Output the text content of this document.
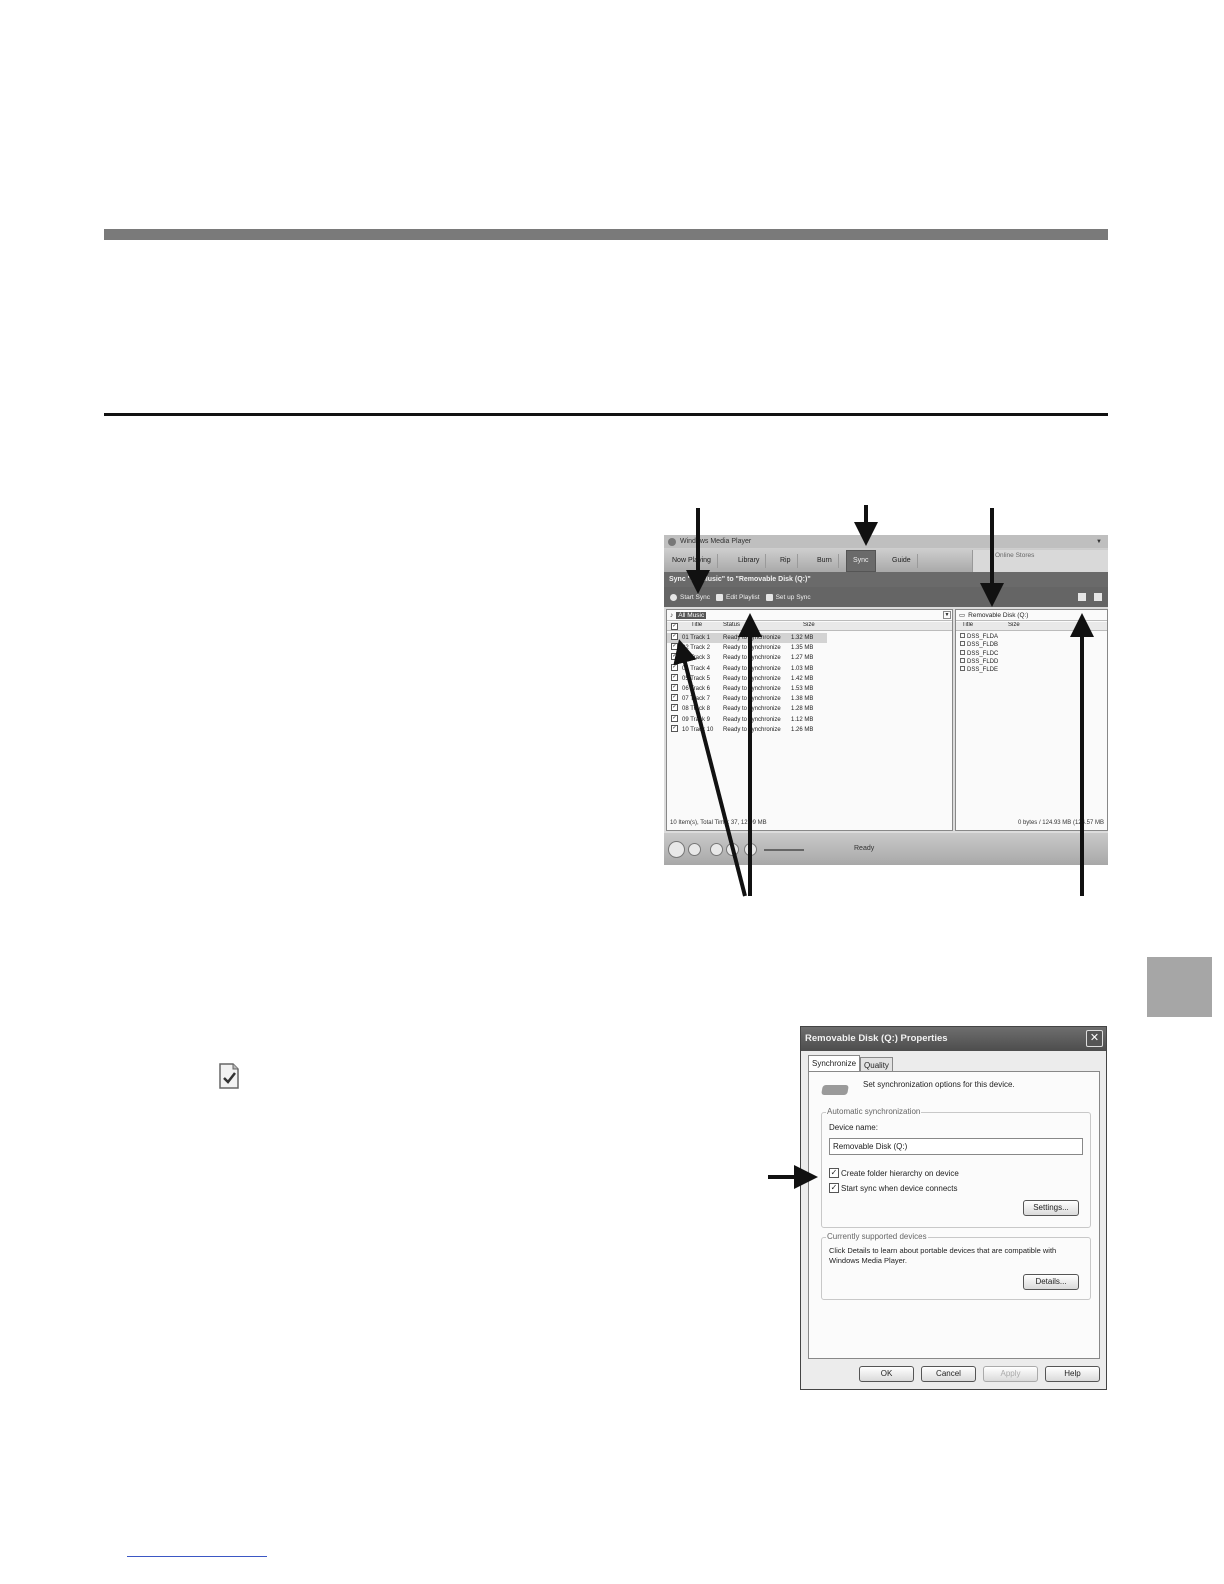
Windows Media Player	▼
Now Playing	Library	Rip	Burn	Sync	Guide
Online Stores
Sync "All Music" to "Removable Disk (Q:)"
Start Sync Edit Playlist Set up Sync
♪ All Music	▼
✓ Title	Status	Size
✓ 01 Track 1	Ready to synchronize	1.32 MB
✓ 02 Track 2	Ready to synchronize	1.35 MB
✓ 03 Track 3	Ready to synchronize	1.27 MB
✓ 04 Track 4	Ready to synchronize	1.03 MB
✓ 05 Track 5	Ready to synchronize	1.42 MB
✓ 06 Track 6	Ready to synchronize	1.53 MB
✓ 07 Track 7	Ready to synchronize	1.38 MB
✓ 08 Track 8	Ready to synchronize	1.28 MB
✓ 09 Track 9	Ready to synchronize	1.12 MB
✓ 10 Track 10	Ready to synchronize	1.26 MB
10 Item(s), Total Time: 37, 12.99 MB
▭ Removable Disk (Q:)
Title	Size
DSS_FLDA
DSS_FLDB
DSS_FLDC
DSS_FLDD
DSS_FLDE
0 bytes / 124.93 MB (124.57 MB
Ready
Removable Disk (Q:) Properties	✕
Synchronize	Quality
Set synchronization options for this device.
Automatic synchronization
Device name:
Removable Disk (Q:)
✓ Create folder hierarchy on device
✓ Start sync when device connects
Settings...
Currently supported devices
Click Details to learn about portable devices that are compatible with
Windows Media Player.
Details...
OK	Cancel	Apply	Help
